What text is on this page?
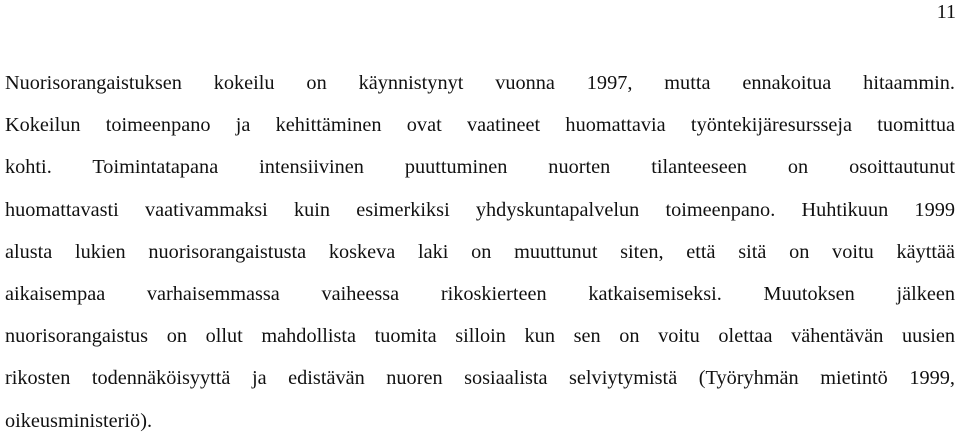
11
Nuorisorangaistuksen kokeilu on käynnistynyt vuonna 1997, mutta ennakoitua hitaammin.
Kokeilun toimeenpano ja kehittäminen ovat vaatineet huomattavia työntekijäresursseja tuomittua
kohti. Toimintatapana intensiivinen puuttuminen nuorten tilanteeseen on osoittautunut
huomattavasti vaativammaksi kuin esimerkiksi yhdyskuntapalvelun toimeenpano. Huhtikuun 1999
alusta lukien nuorisorangaistusta koskeva laki on muuttunut siten, että sitä on voitu käyttää
aikaisempaa varhaisemmassa vaiheessa rikoskierteen katkaisemiseksi. Muutoksen jälkeen
nuorisorangaistus on ollut mahdollista tuomita silloin kun sen on voitu olettaa vähentävän uusien
rikosten todennäköisyyttä ja edistävän nuoren sosiaalista selviytymistä (Työryhmän mietintö 1999,
oikeusministeriö).
